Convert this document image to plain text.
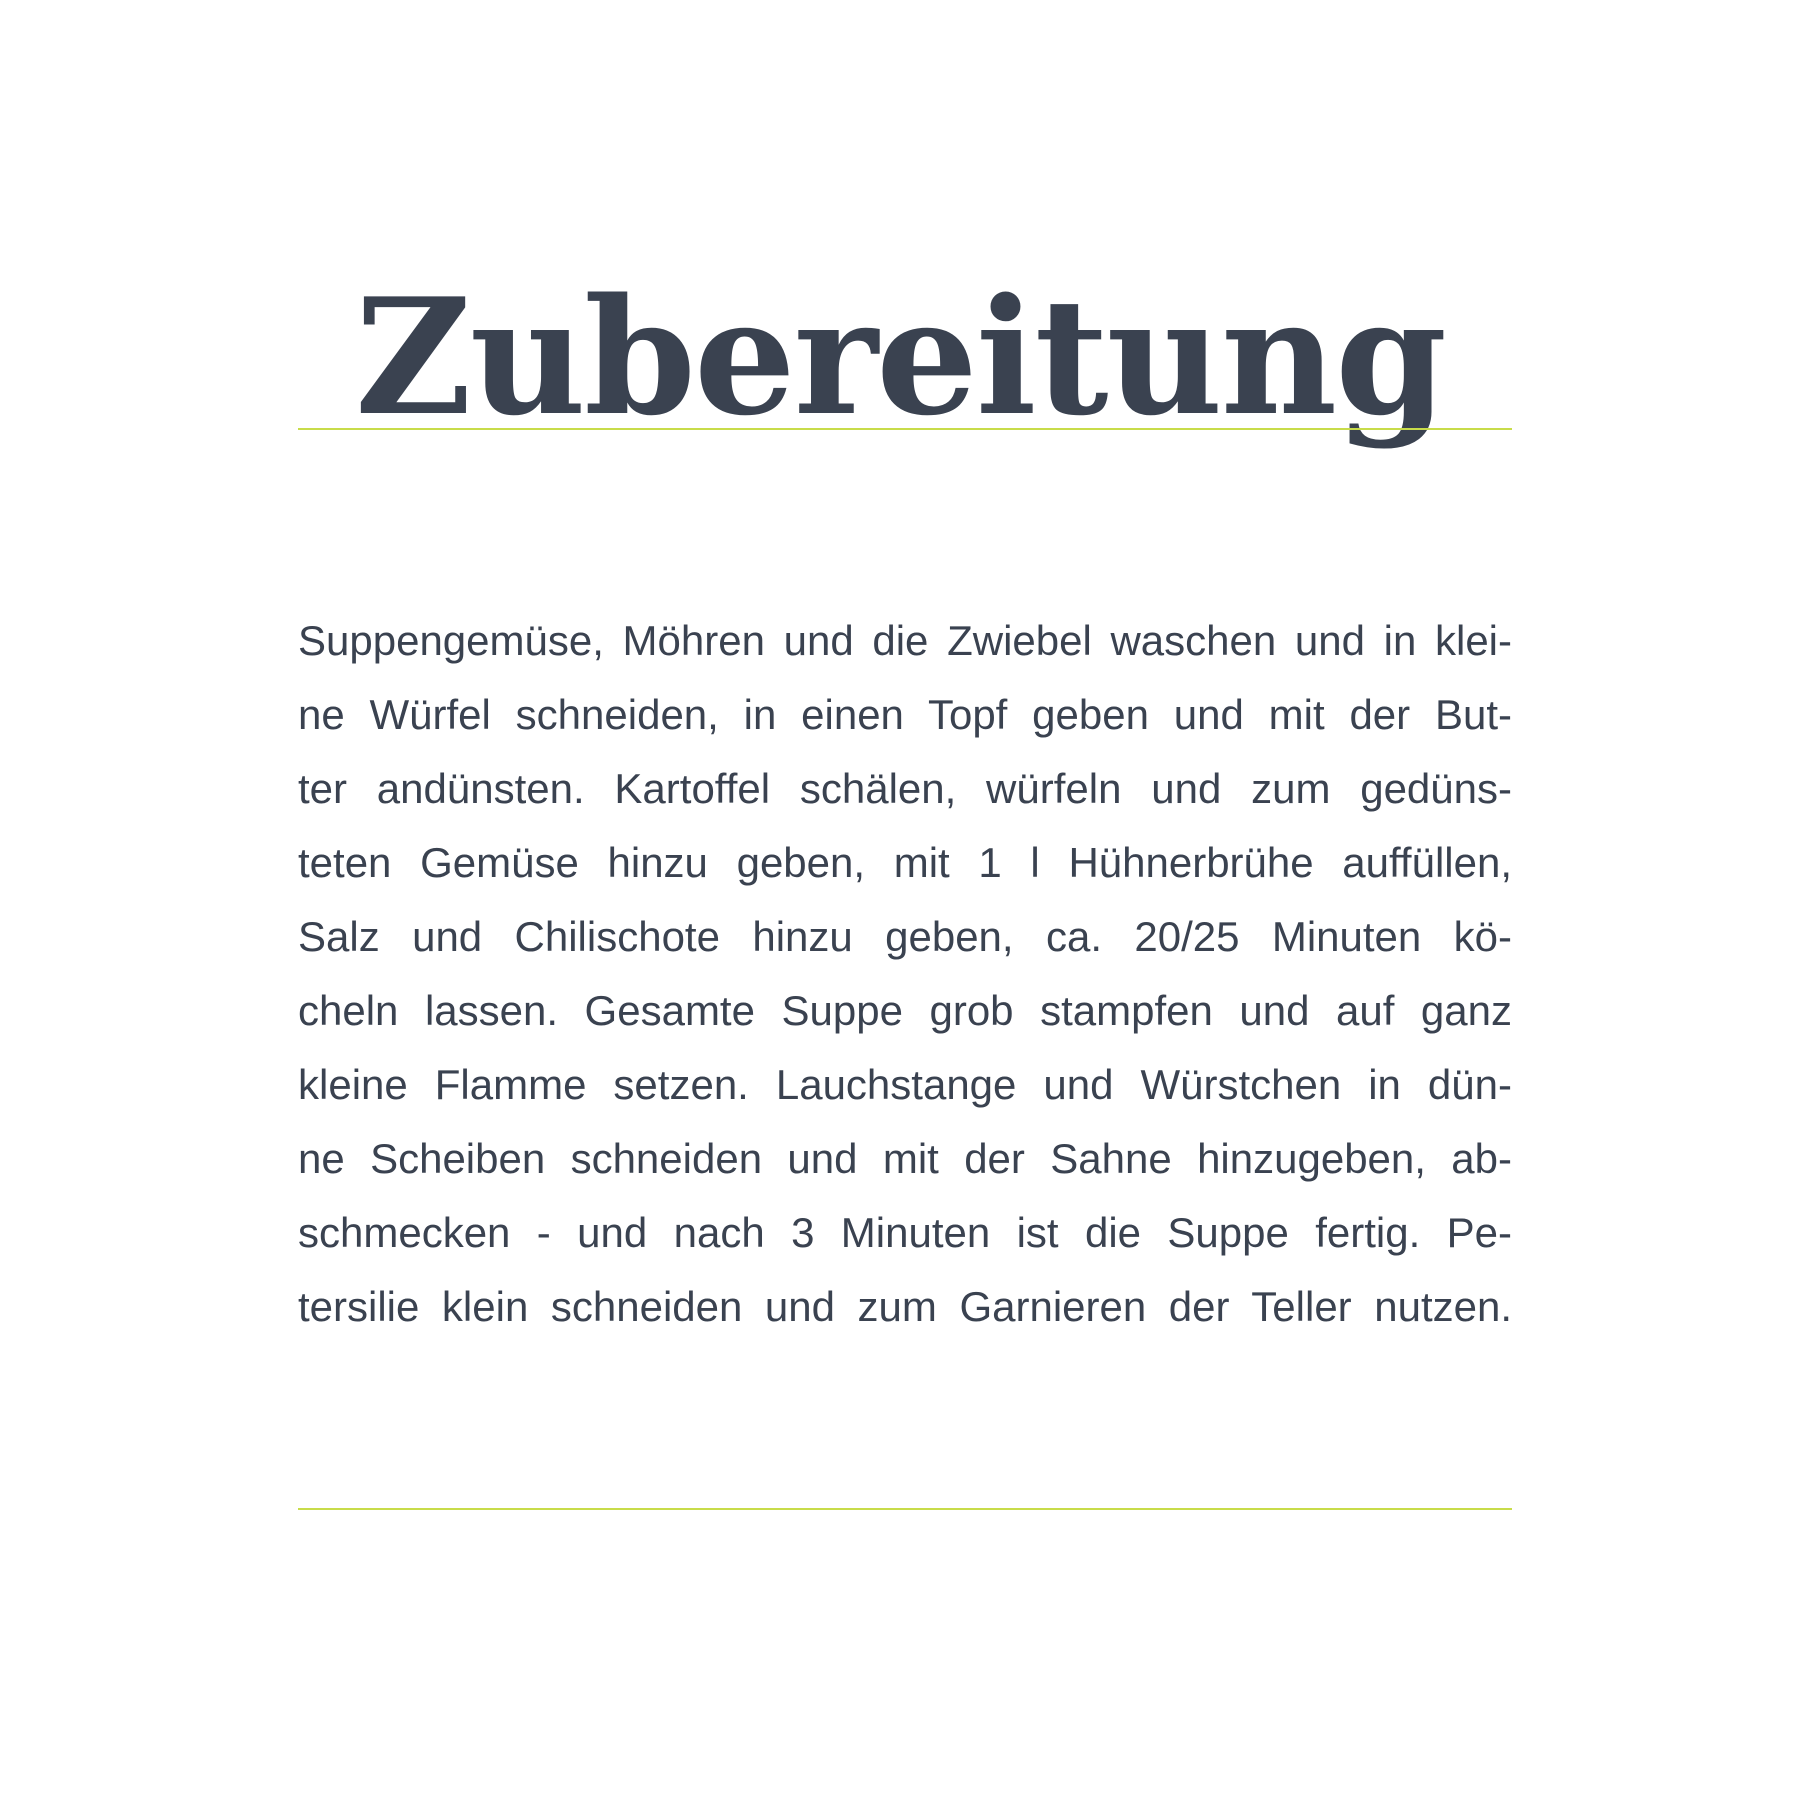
Zubereitung
Suppengemüse, Möhren und die Zwiebel waschen und in klei-
ne Würfel schneiden, in einen Topf geben und mit der But-
ter andünsten. Kartoffel schälen, würfeln und zum gedüns-
teten Gemüse hinzu geben, mit 1 l Hühnerbrühe auffüllen,
Salz und Chilischote hinzu geben, ca. 20/25 Minuten kö-
cheln lassen. Gesamte Suppe grob stampfen und auf ganz
kleine Flamme setzen. Lauchstange und Würstchen in dün-
ne Scheiben schneiden und mit der Sahne hinzugeben, ab-
schmecken - und nach 3 Minuten ist die Suppe fertig. Pe-
tersilie klein schneiden und zum Garnieren der Teller nutzen.
